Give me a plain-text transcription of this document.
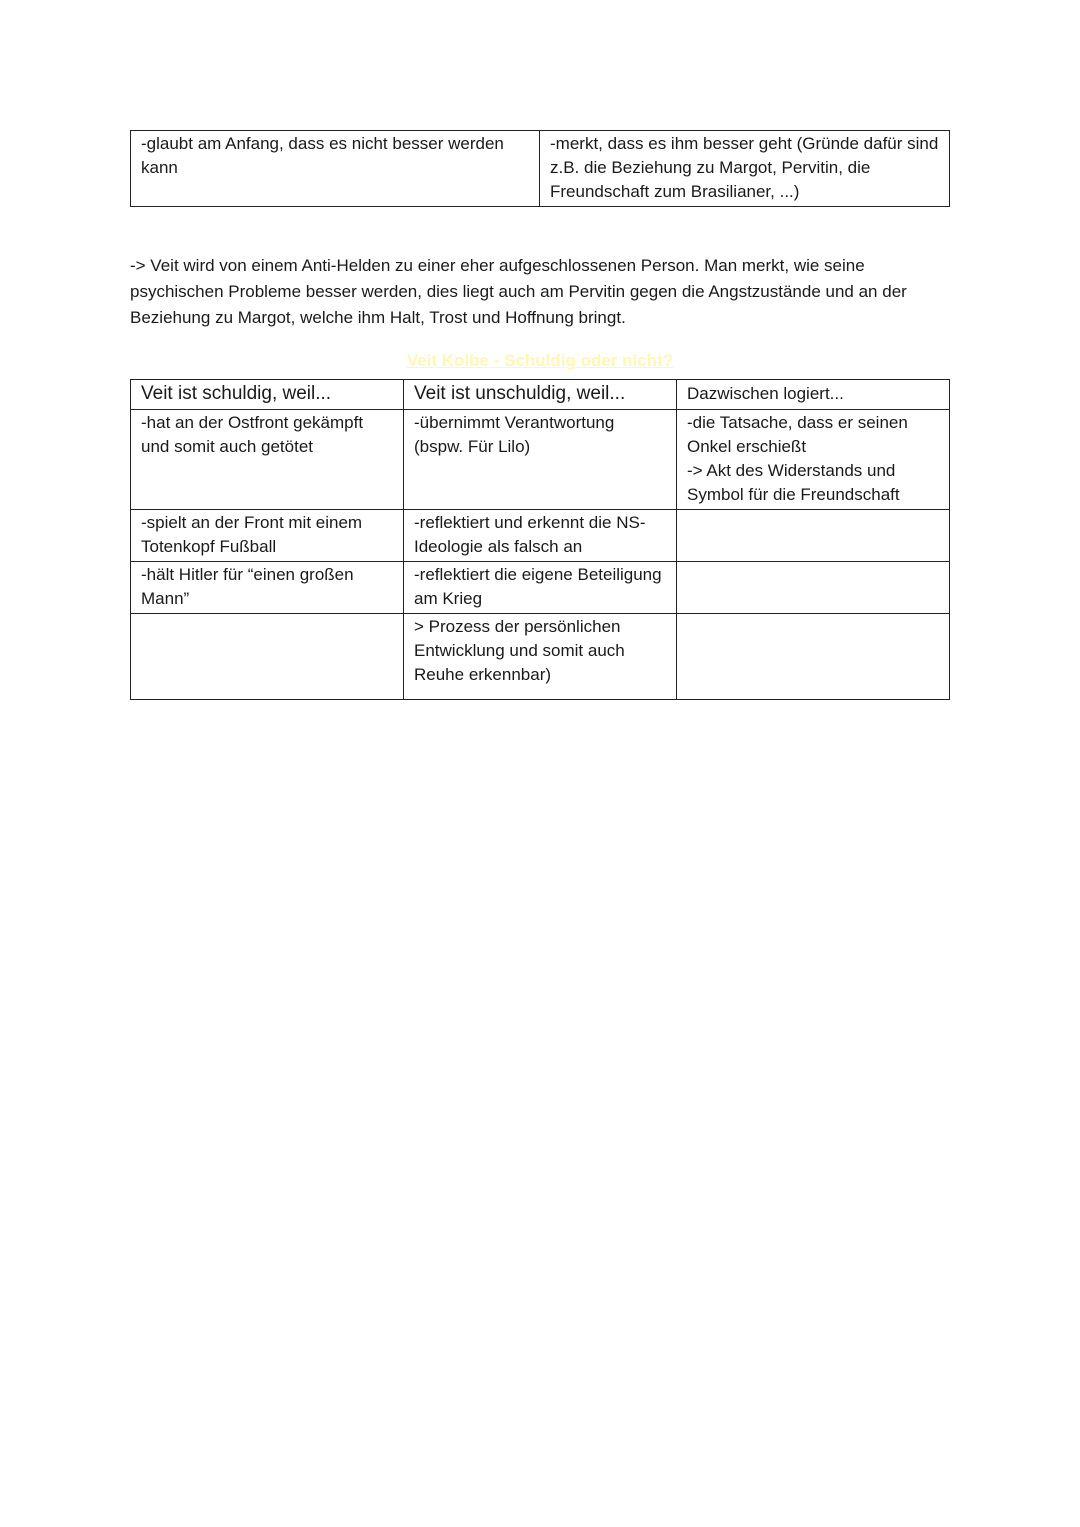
-glaubt am Anfang, dass es nicht besser werden kann	-merkt, dass es ihm besser geht (Gründe dafür sind z.B. die Beziehung zu Margot, Pervitin, die Freundschaft zum Brasilianer, ...)
-> Veit wird von einem Anti-Helden zu einer eher aufgeschlossenen Person. Man merkt, wie seine psychischen Probleme besser werden, dies liegt auch am Pervitin gegen die Angstzustände und an der Beziehung zu Margot, welche ihm Halt, Trost und Hoffnung bringt.
Veit Kolbe - Schuldig oder nicht?
Veit ist schuldig, weil...	Veit ist unschuldig, weil...	Dazwischen logiert...
-hat an der Ostfront gekämpft und somit auch getötet	-übernimmt Verantwortung (bspw. Für Lilo)	-die Tatsache, dass er seinen Onkel erschießt
-> Akt des Widerstands und Symbol für die Freundschaft
-spielt an der Front mit einem Totenkopf Fußball	-reflektiert und erkennt die NS-Ideologie als falsch an	
-hält Hitler für “einen großen Mann”	-reflektiert die eigene Beteiligung am Krieg	
	> Prozess der persönlichen Entwicklung und somit auch Reuhe erkennbar)	
